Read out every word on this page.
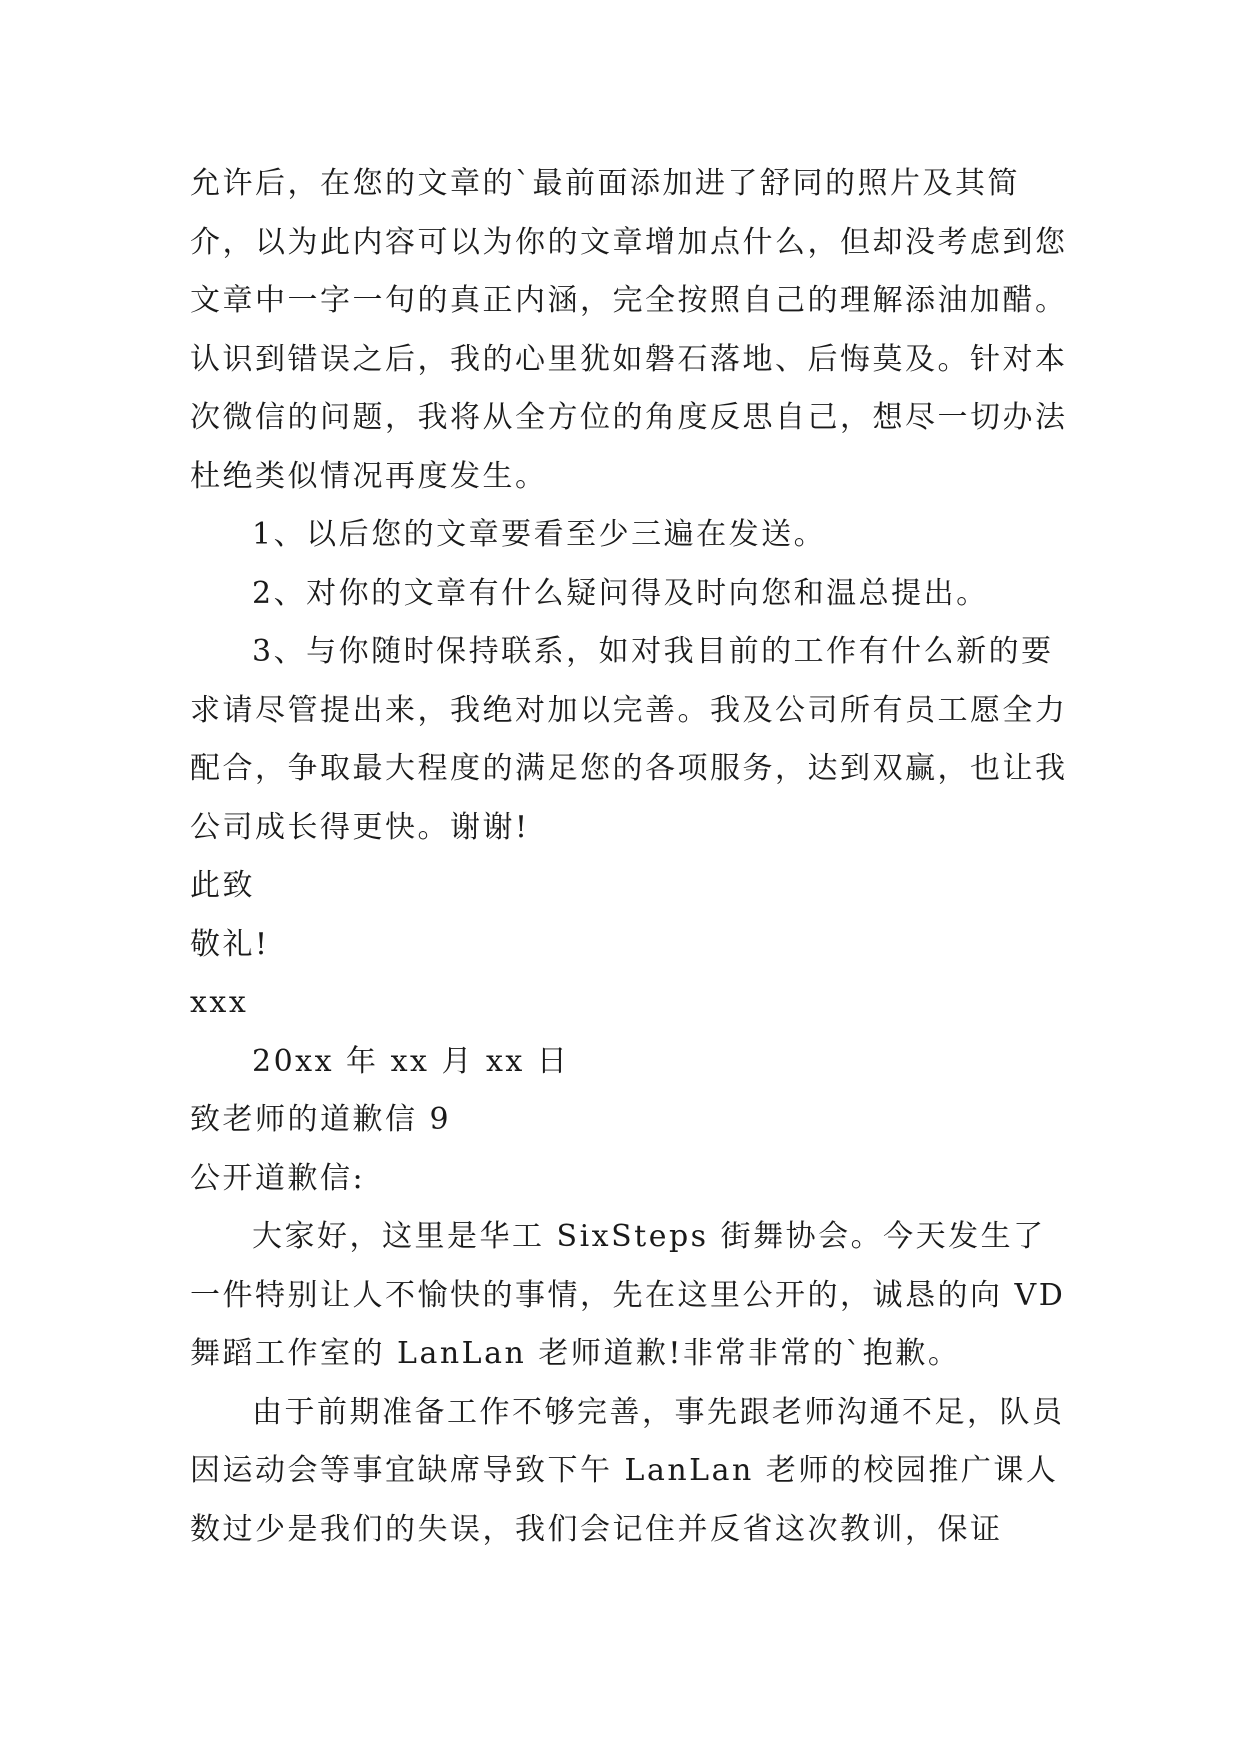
允许后，在您的文章的`最前面添加进了舒同的照片及其简介，以为此内容可以为你的文章增加点什么，但却没考虑到您文章中一字一句的真正内涵，完全按照自己的理解添油加醋。认识到错误之后，我的心里犹如磐石落地、后悔莫及。针对本次微信的问题，我将从全方位的角度反思自己，想尽一切办法杜绝类似情况再度发生。

1、以后您的文章要看至少三遍在发送。

2、对你的文章有什么疑问得及时向您和温总提出。

3、与你随时保持联系，如对我目前的工作有什么新的要求请尽管提出来，我绝对加以完善。我及公司所有员工愿全力配合，争取最大程度的满足您的各项服务，达到双赢，也让我公司成长得更快。谢谢!

此致

敬礼!

xxx

20xx 年 xx 月 xx 日

致老师的道歉信 9

公开道歉信:

大家好，这里是华工 SixSteps 街舞协会。今天发生了一件特别让人不愉快的事情，先在这里公开的，诚恳的向 VD 舞蹈工作室的 LanLan 老师道歉!非常非常的`抱歉。

由于前期准备工作不够完善，事先跟老师沟通不足，队员因运动会等事宜缺席导致下午 LanLan 老师的校园推广课人数过少是我们的失误，我们会记住并反省这次教训，保证
